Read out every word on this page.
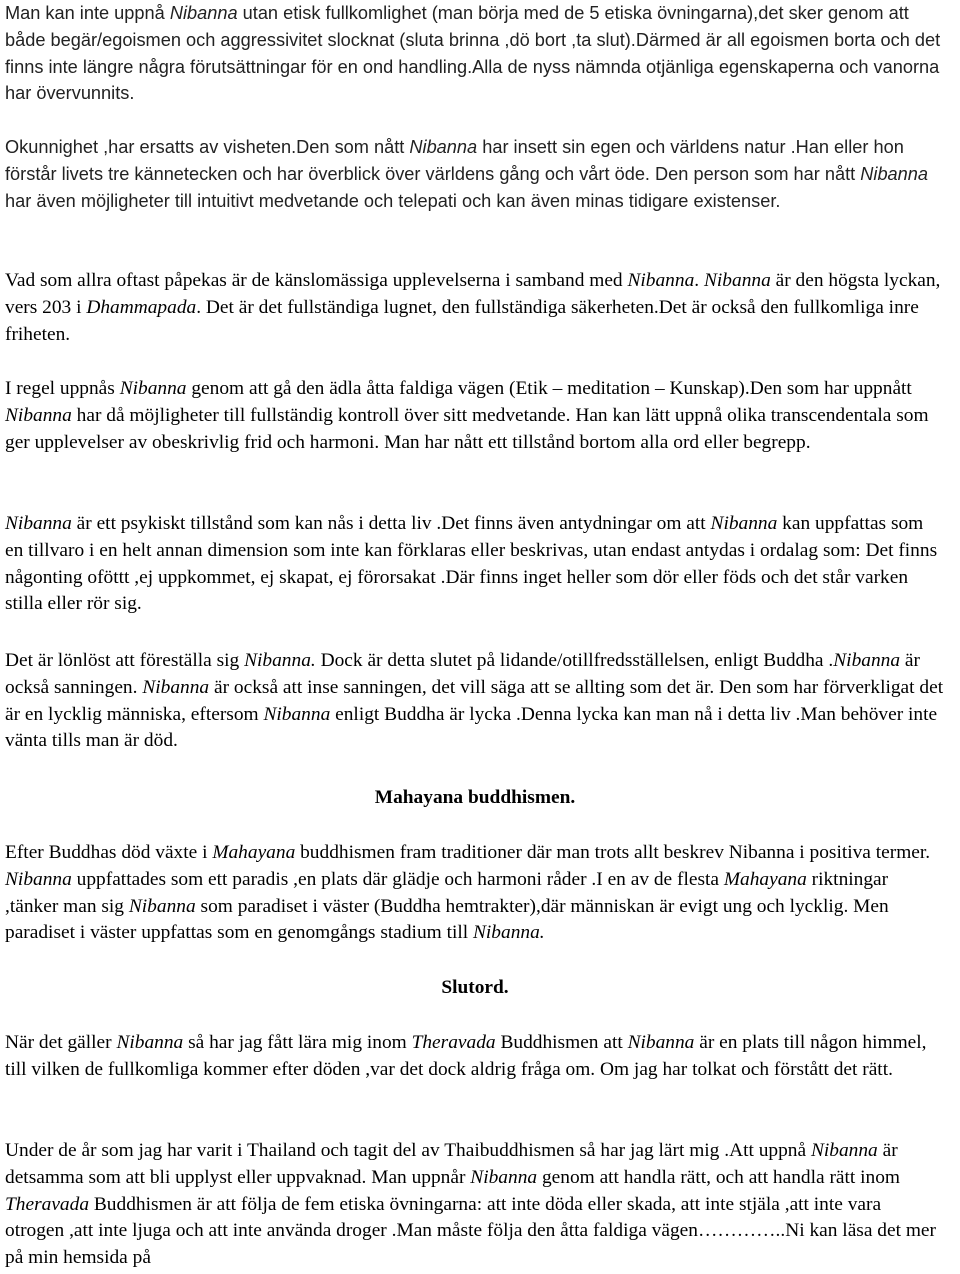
Man kan inte uppnå Nibanna utan etisk fullkomlighet (man börja med de 5 etiska övningarna),det sker genom att både begär/egoismen och aggressivitet slocknat (sluta brinna ,dö bort ,ta slut).Därmed är all egoismen borta och det finns inte längre några förutsättningar för en ond handling.Alla de nyss nämnda otjänliga egenskaperna och vanorna har övervunnits.

Okunnighet ,har ersatts av visheten.Den som nått Nibanna har insett sin egen och världens natur .Han eller hon förstår livets tre kännetecken och har överblick över världens gång och vårt öde. Den person som har nått Nibanna har även möjligheter till intuitivt medvetande och telepati och kan även minas tidigare existenser.

Vad som allra oftast påpekas är de känslomässiga upplevelserna i samband med Nibanna. Nibanna är den högsta lyckan, vers 203 i Dhammapada. Det är det fullständiga lugnet, den fullständiga säkerheten.Det är också den fullkomliga inre friheten.

I regel uppnås Nibanna genom att gå den ädla åtta faldiga vägen (Etik – meditation – Kunskap).Den som har uppnått Nibanna har då möjligheter till fullständig kontroll över sitt medvetande. Han kan lätt uppnå olika transcendentala som ger upplevelser av obeskrivlig frid och harmoni. Man har nått ett tillstånd bortom alla ord eller begrepp.

Nibanna är ett psykiskt tillstånd som kan nås i detta liv .Det finns även antydningar om att Nibanna kan uppfattas som en tillvaro i en helt annan dimension som inte kan förklaras eller beskrivas, utan endast antydas i ordalag som: Det finns någonting oföttt ,ej uppkommet, ej skapat, ej förorsakat .Där finns inget heller som dör eller föds och det står varken stilla eller rör sig.

Det är lönlöst att föreställa sig Nibanna. Dock är detta slutet på lidande/otillfredsställelsen, enligt Buddha .Nibanna är också sanningen. Nibanna är också att inse sanningen, det vill säga att se allting som det är. Den som har förverkligat det är en lycklig människa, eftersom Nibanna enligt Buddha är lycka .Denna lycka kan man nå i detta liv .Man behöver inte vänta tills man är död.

Mahayana buddhismen.

Efter Buddhas död växte i Mahayana buddhismen fram traditioner där man trots allt beskrev Nibanna i positiva termer. Nibanna uppfattades som ett paradis ,en plats där glädje och harmoni råder .I en av de flesta Mahayana riktningar ,tänker man sig Nibanna som paradiset i väster (Buddha hemtrakter),där människan är evigt ung och lycklig. Men paradiset i väster uppfattas som en genomgångs stadium till Nibanna.

Slutord.

När det gäller Nibanna så har jag fått lära mig inom Theravada Buddhismen att Nibanna är en plats till någon himmel, till vilken de fullkomliga kommer efter döden ,var det dock aldrig fråga om. Om jag har tolkat och förstått det rätt.

Under de år som jag har varit i Thailand och tagit del av Thaibuddhismen så har jag lärt mig .Att uppnå Nibanna är detsamma som att bli upplyst eller uppvaknad. Man uppnår Nibanna genom att handla rätt, och att handla rätt inom Theravada Buddhismen är att följa de fem etiska övningarna: att inte döda eller skada, att inte stjäla ,att inte vara otrogen ,att inte ljuga och att inte använda droger .Man måste följa den åtta faldiga vägen…………..Ni kan läsa det mer på min hemsida på
